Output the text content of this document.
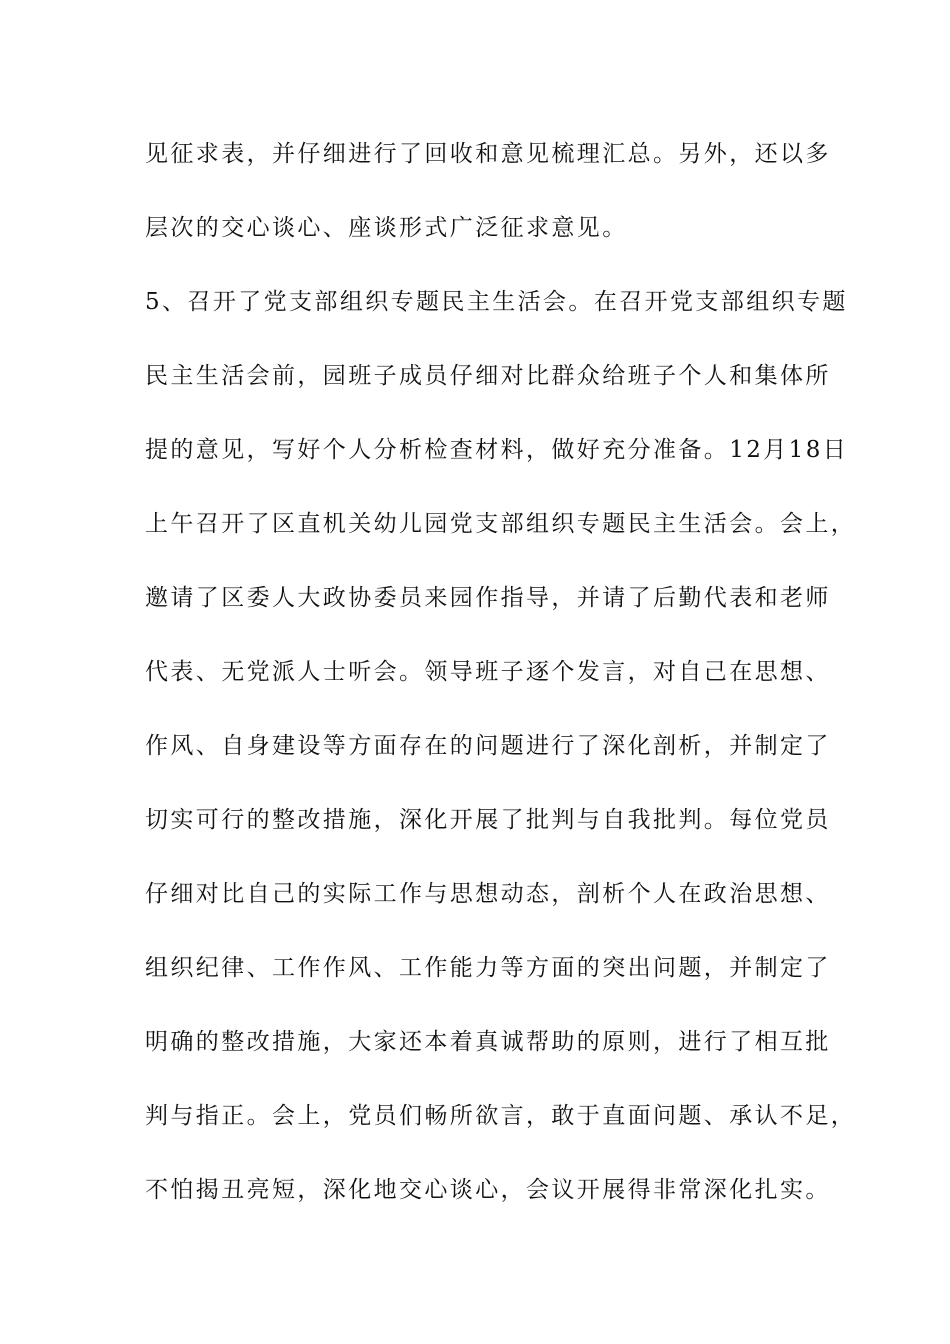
见征求表，并仔细进行了回收和意见梳理汇总。另外，还以多
层次的交心谈心、座谈形式广泛征求意见。
5、召开了党支部组织专题民主生活会。在召开党支部组织专题
民主生活会前，园班子成员仔细对比群众给班子个人和集体所
提的意见，写好个人分析检查材料，做好充分准备。12月18日
上午召开了区直机关幼儿园党支部组织专题民主生活会。会上，
邀请了区委人大政协委员来园作指导，并请了后勤代表和老师
代表、无党派人士听会。领导班子逐个发言，对自己在思想、
作风、自身建设等方面存在的问题进行了深化剖析，并制定了
切实可行的整改措施，深化开展了批判与自我批判。每位党员
仔细对比自己的实际工作与思想动态，剖析个人在政治思想、
组织纪律、工作作风、工作能力等方面的突出问题，并制定了
明确的整改措施，大家还本着真诚帮助的原则，进行了相互批
判与指正。会上，党员们畅所欲言，敢于直面问题、承认不足，
不怕揭丑亮短，深化地交心谈心，会议开展得非常深化扎实。
